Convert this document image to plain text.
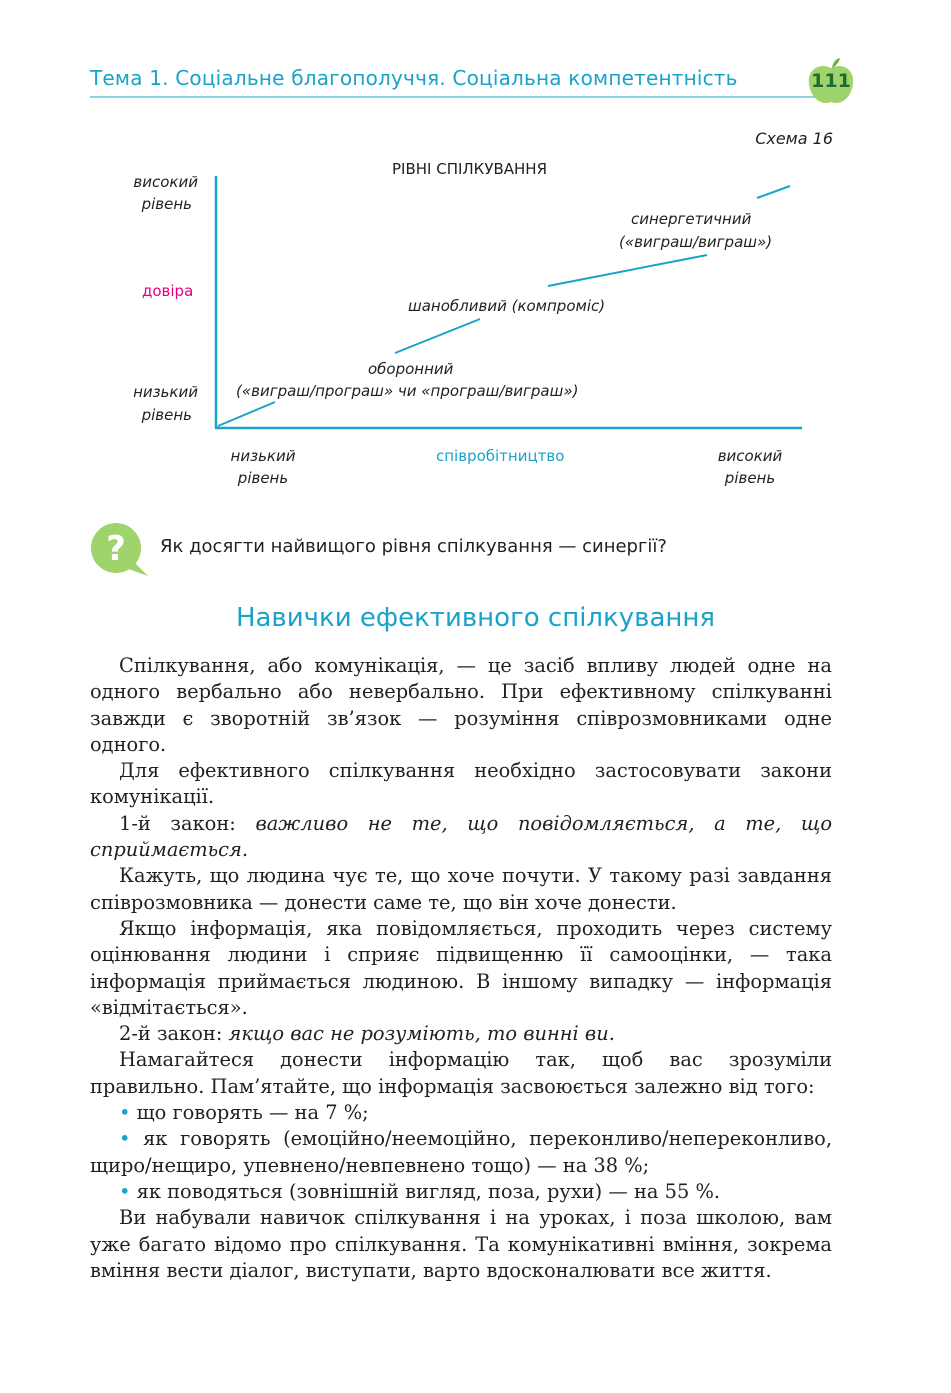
Тема 1. Соціальне благополуччя. Соціальна компетентність	111
Схема 16
РІВНІ СПІЛКУВАННЯ
високий
рівень
довіра
низький
рівень
низький
рівень
співробітництво	високий
рівень
оборонний
(«виграш/програш» чи «програш/виграш»)
шанобливий (компроміс)
синергетичний
(«виграш/виграш»)
? Як досягти найвищого рівня спілкування — синергії?
Навички ефективного спілкування

Спілкування, або комунікація, — це засіб впливу людей одне на одного вербально або невербально. При ефективному спілкуванні завжди є зворотній зв’язок — розуміння співрозмовниками одне одного.

Для ефективного спілкування необхідно застосовувати закони комунікації.

1-й закон: важливо не те, що повідомляється, а те, що сприймається.

Кажуть, що людина чує те, що хоче почути. У такому разі завдання співрозмовника — донести саме те, що він хоче донести.

Якщо інформація, яка повідомляється, проходить через систему оцінювання людини і сприяє підвищенню її самооцінки, — така інформація приймається людиною. В іншому випадку — інформація «відмітається».

2-й закон: якщо вас не розуміють, то винні ви.

Намагайтеся донести інформацію так, щоб вас зрозуміли правильно. Пам’ятайте, що інформація засвоюється залежно від того:

• що говорять — на 7 %;

• як говорять (емоційно/неемоційно, переконливо/непереконливо, щиро/нещиро, упевнено/невпевнено тощо) — на 38 %;

• як поводяться (зовнішній вигляд, поза, рухи) — на 55 %.

Ви набували навичок спілкування і на уроках, і поза школою, вам уже багато відомо про спілкування. Та комунікативні вміння, зокрема вміння вести діалог, виступати, варто вдосконалювати все життя.
